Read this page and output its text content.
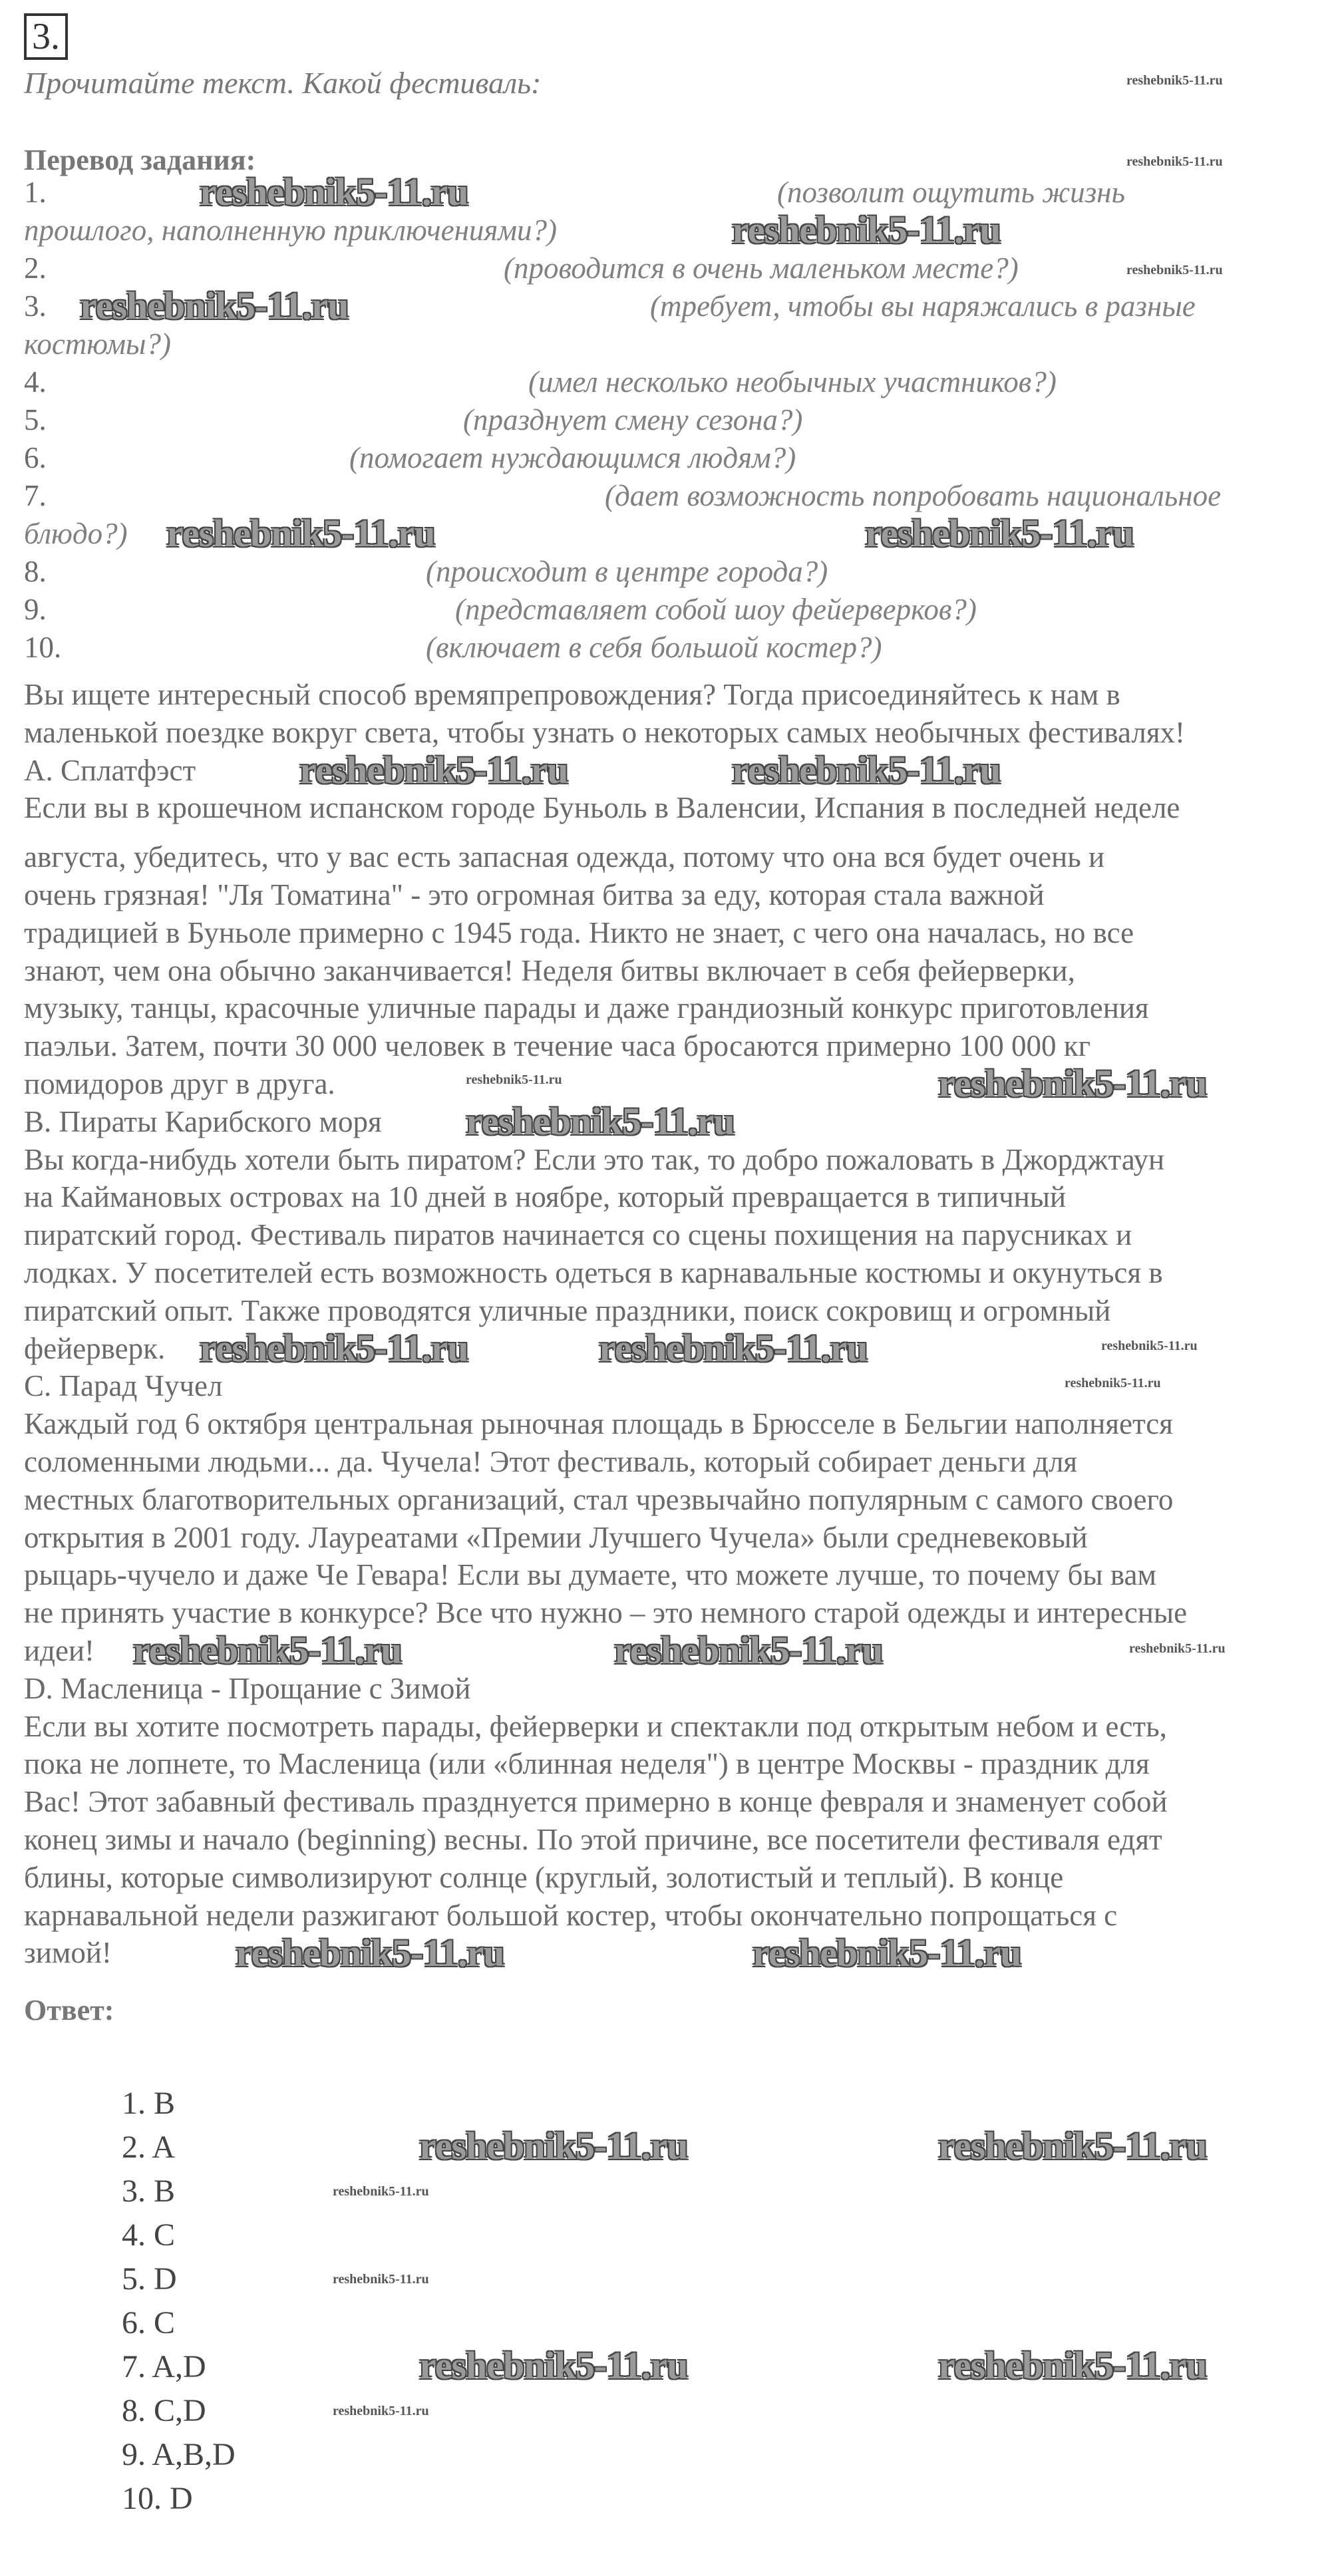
3.
Прочитайте текст. Какой фестиваль:
Перевод задания:
1.	(позволит ощутить жизнь
прошлого, наполненную приключениями?)
2.	(проводится в очень маленьком месте?)
3.	(требует, чтобы вы наряжались в разные
костюмы?)
4.	(имел несколько необычных участников?)
5.	(празднует смену сезона?)
6.	(помогает нуждающимся людям?)
7.	(дает возможность попробовать национальное
блюдо?)
8.	(происходит в центре города?)
9.	(представляет собой шоу фейерверков?)
10.	(включает в себя большой костер?)
Вы ищете интересный способ времяпрепровождения? Тогда присоединяйтесь к нам в
маленькой поездке вокруг света, чтобы узнать о некоторых самых необычных фестивалях!
A. Сплатфэст
Если вы в крошечном испанском городе Буньоль в Валенсии, Испания в последней неделе
августа, убедитесь, что у вас есть запасная одежда, потому что она вся будет очень и
очень грязная! "Ля Томатина" - это огромная битва за еду, которая стала важной
традицией в Буньоле примерно с 1945 года. Никто не знает, с чего она началась, но все
знают, чем она обычно заканчивается! Неделя битвы включает в себя фейерверки,
музыку, танцы, красочные уличные парады и даже грандиозный конкурс приготовления
паэльи. Затем, почти 30 000 человек в течение часа бросаются примерно 100 000 кг
помидоров друг в друга.
B. Пираты Карибского моря
Вы когда-нибудь хотели быть пиратом? Если это так, то добро пожаловать в Джорджтаун
на Каймановых островах на 10 дней в ноябре, который превращается в типичный
пиратский город. Фестиваль пиратов начинается со сцены похищения на парусниках и
лодках. У посетителей есть возможность одеться в карнавальные костюмы и окунуться в
пиратский опыт. Также проводятся уличные праздники, поиск сокровищ и огромный
фейерверк.
C. Парад Чучел
Каждый год 6 октября центральная рыночная площадь в Брюсселе в Бельгии наполняется
соломенными людьми... да. Чучела! Этот фестиваль, который собирает деньги для
местных благотворительных организаций, стал чрезвычайно популярным с самого своего
открытия в 2001 году. Лауреатами «Премии Лучшего Чучела» были средневековый
рыцарь-чучело и даже Че Гевара! Если вы думаете, что можете лучше, то почему бы вам
не принять участие в конкурсе? Все что нужно – это немного старой одежды и интересные
идеи!
D. Масленица - Прощание с Зимой
Если вы хотите посмотреть парады, фейерверки и спектакли под открытым небом и есть,
пока не лопнете, то Масленица (или «блинная неделя") в центре Москвы - праздник для
Вас! Этот забавный фестиваль празднуется примерно в конце февраля и знаменует собой
конец зимы и начало (beginning) весны. По этой причине, все посетители фестиваля едят
блины, которые символизируют солнце (круглый, золотистый и теплый). В конце
карнавальной недели разжигают большой костер, чтобы окончательно попрощаться с
зимой!
Ответ:
1. B
2. A
3. B
4. C
5. D
6. C
7. A,D
8. C,D
9. A,B,D
10. D
reshebnik5-11.ru
reshebnik5-11.ru
reshebnik5-11.ru
reshebnik5-11.ru	reshebnik5-11.ru
reshebnik5-11.ru	reshebnik5-11.ru
reshebnik5-11.ru
reshebnik5-11.ru
reshebnik5-11.ru	reshebnik5-11.ru
reshebnik5-11.ru	reshebnik5-11.ru
reshebnik5-11.ru	reshebnik5-11.ru
reshebnik5-11.ru	reshebnik5-11.ru
reshebnik5-11.ru	reshebnik5-11.ru
reshebnik5-11.ru
reshebnik5-11.ru
reshebnik5-11.ru
reshebnik5-11.ru
reshebnik5-11.ru
reshebnik5-11.ru
reshebnik5-11.ru
reshebnik5-11.ru
reshebnik5-11.ru
reshebnik5-11.ru
